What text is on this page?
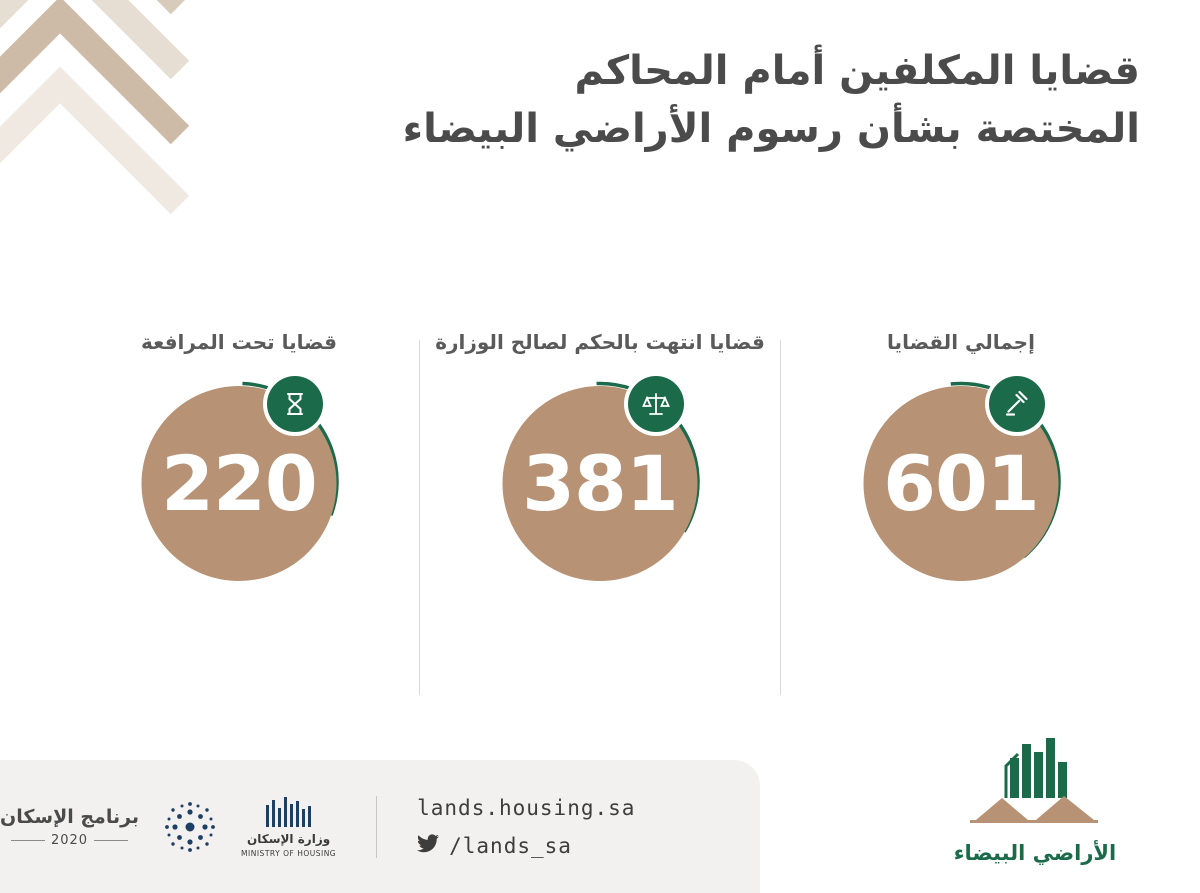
قضايا المكلفين أمام المحاكم
المختصة بشأن رسوم الأراضي البيضاء
إجمالي القضايا
601
قضايا انتهت بالحكم لصالح الوزارة
381
قضايا تحت المرافعة
220
برنامج الإسكان
2020	وزارة الإسكان
MINISTRY OF HOUSING
lands.housing.sa
/lands_sa	الأراضي البيضاء
